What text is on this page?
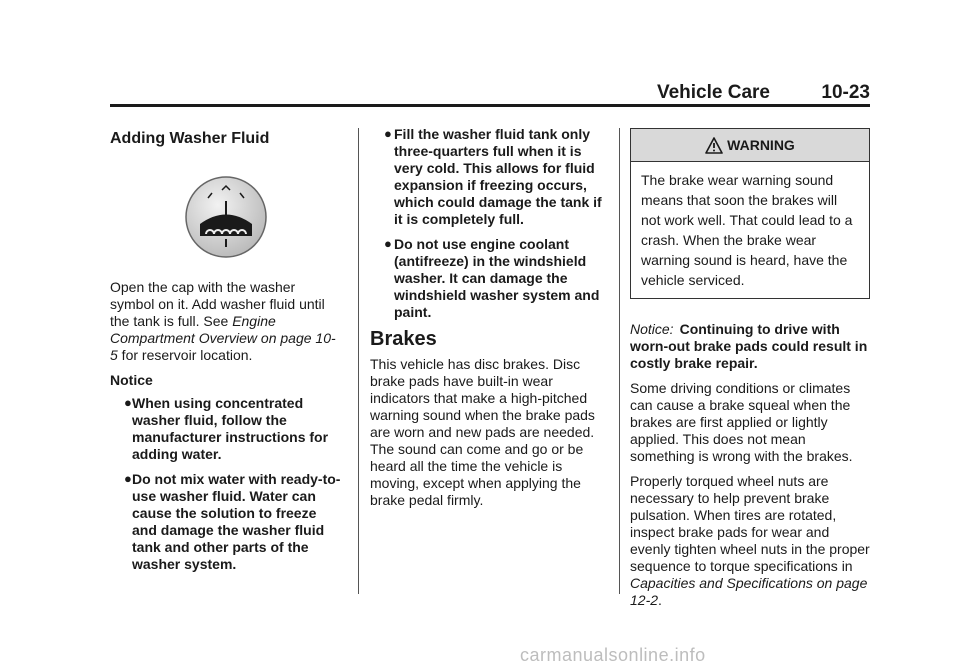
Vehicle Care	10-23
Adding Washer Fluid

Open the cap with the washer symbol on it. Add washer fluid until the tank is full. See Engine Compartment Overview on page 10-5 for reservoir location.

Notice
● When using concentrated washer fluid, follow the manufacturer instructions for adding water.
● Do not mix water with ready-to-use washer fluid. Water can cause the solution to freeze and damage the washer fluid tank and other parts of the washer system.
● Fill the washer fluid tank only three-quarters full when it is very cold. This allows for fluid expansion if freezing occurs, which could damage the tank if it is completely full.
● Do not use engine coolant (antifreeze) in the windshield washer. It can damage the windshield washer system and paint.
Brakes

This vehicle has disc brakes. Disc brake pads have built-in wear indicators that make a high-pitched warning sound when the brake pads are worn and new pads are needed. The sound can come and go or be heard all the time the vehicle is moving, except when applying the brake pedal firmly.

WARNING
The brake wear warning sound means that soon the brakes will not work well. That could lead to a crash. When the brake wear warning sound is heard, have the vehicle serviced.

Notice: Continuing to drive with worn-out brake pads could result in costly brake repair.

Some driving conditions or climates can cause a brake squeal when the brakes are first applied or lightly applied. This does not mean something is wrong with the brakes.

Properly torqued wheel nuts are necessary to help prevent brake pulsation. When tires are rotated, inspect brake pads for wear and evenly tighten wheel nuts in the proper sequence to torque specifications in Capacities and Specifications on page 12-2.

carmanualsonline.info
